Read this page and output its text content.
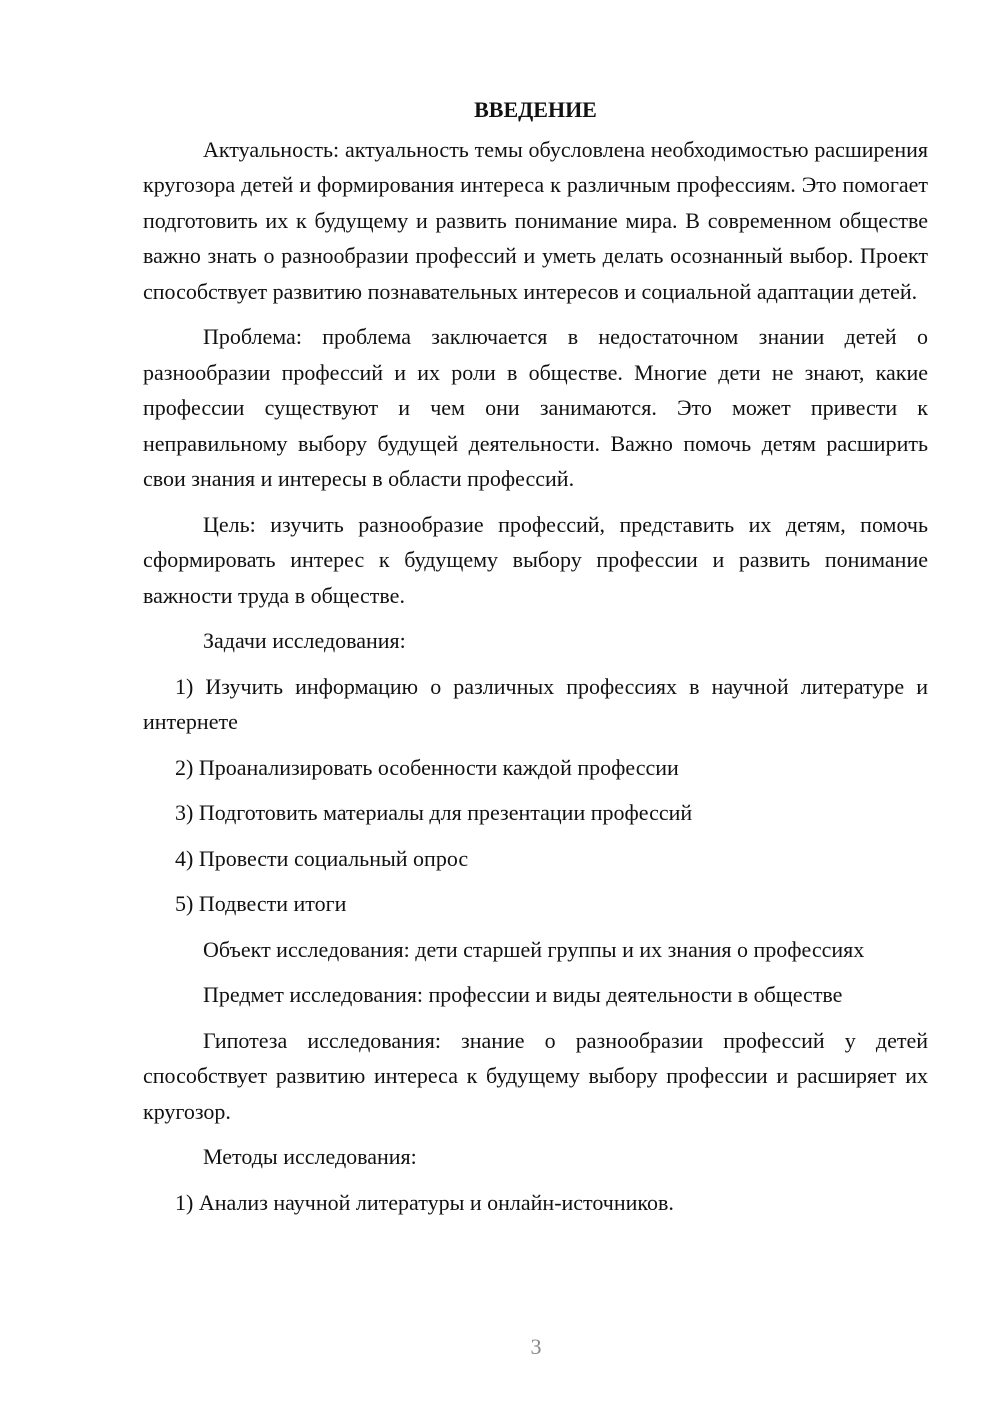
ВВЕДЕНИЕ

Актуальность: актуальность темы обусловлена необходимостью расширения кругозора детей и формирования интереса к различным профессиям. Это помогает подготовить их к будущему и развить понимание мира. В современном обществе важно знать о разнообразии профессий и уметь делать осознанный выбор. Проект способствует развитию познавательных интересов и социальной адаптации детей.

Проблема: проблема заключается в недостаточном знании детей о разнообразии профессий и их роли в обществе. Многие дети не знают, какие профессии существуют и чем они занимаются. Это может привести к неправильному выбору будущей деятельности. Важно помочь детям расширить свои знания и интересы в области профессий.

Цель: изучить разнообразие профессий, представить их детям, помочь сформировать интерес к будущему выбору профессии и развить понимание важности труда в обществе.

Задачи исследования:

1) Изучить информацию о различных профессиях в научной литературе и интернете

2) Проанализировать особенности каждой профессии

3) Подготовить материалы для презентации профессий

4) Провести социальный опрос

5) Подвести итоги

Объект исследования: дети старшей группы и их знания о профессиях

Предмет исследования: профессии и виды деятельности в обществе

Гипотеза исследования: знание о разнообразии профессий у детей способствует развитию интереса к будущему выбору профессии и расширяет их кругозор.

Методы исследования:

1) Анализ научной литературы и онлайн-источников.

3
